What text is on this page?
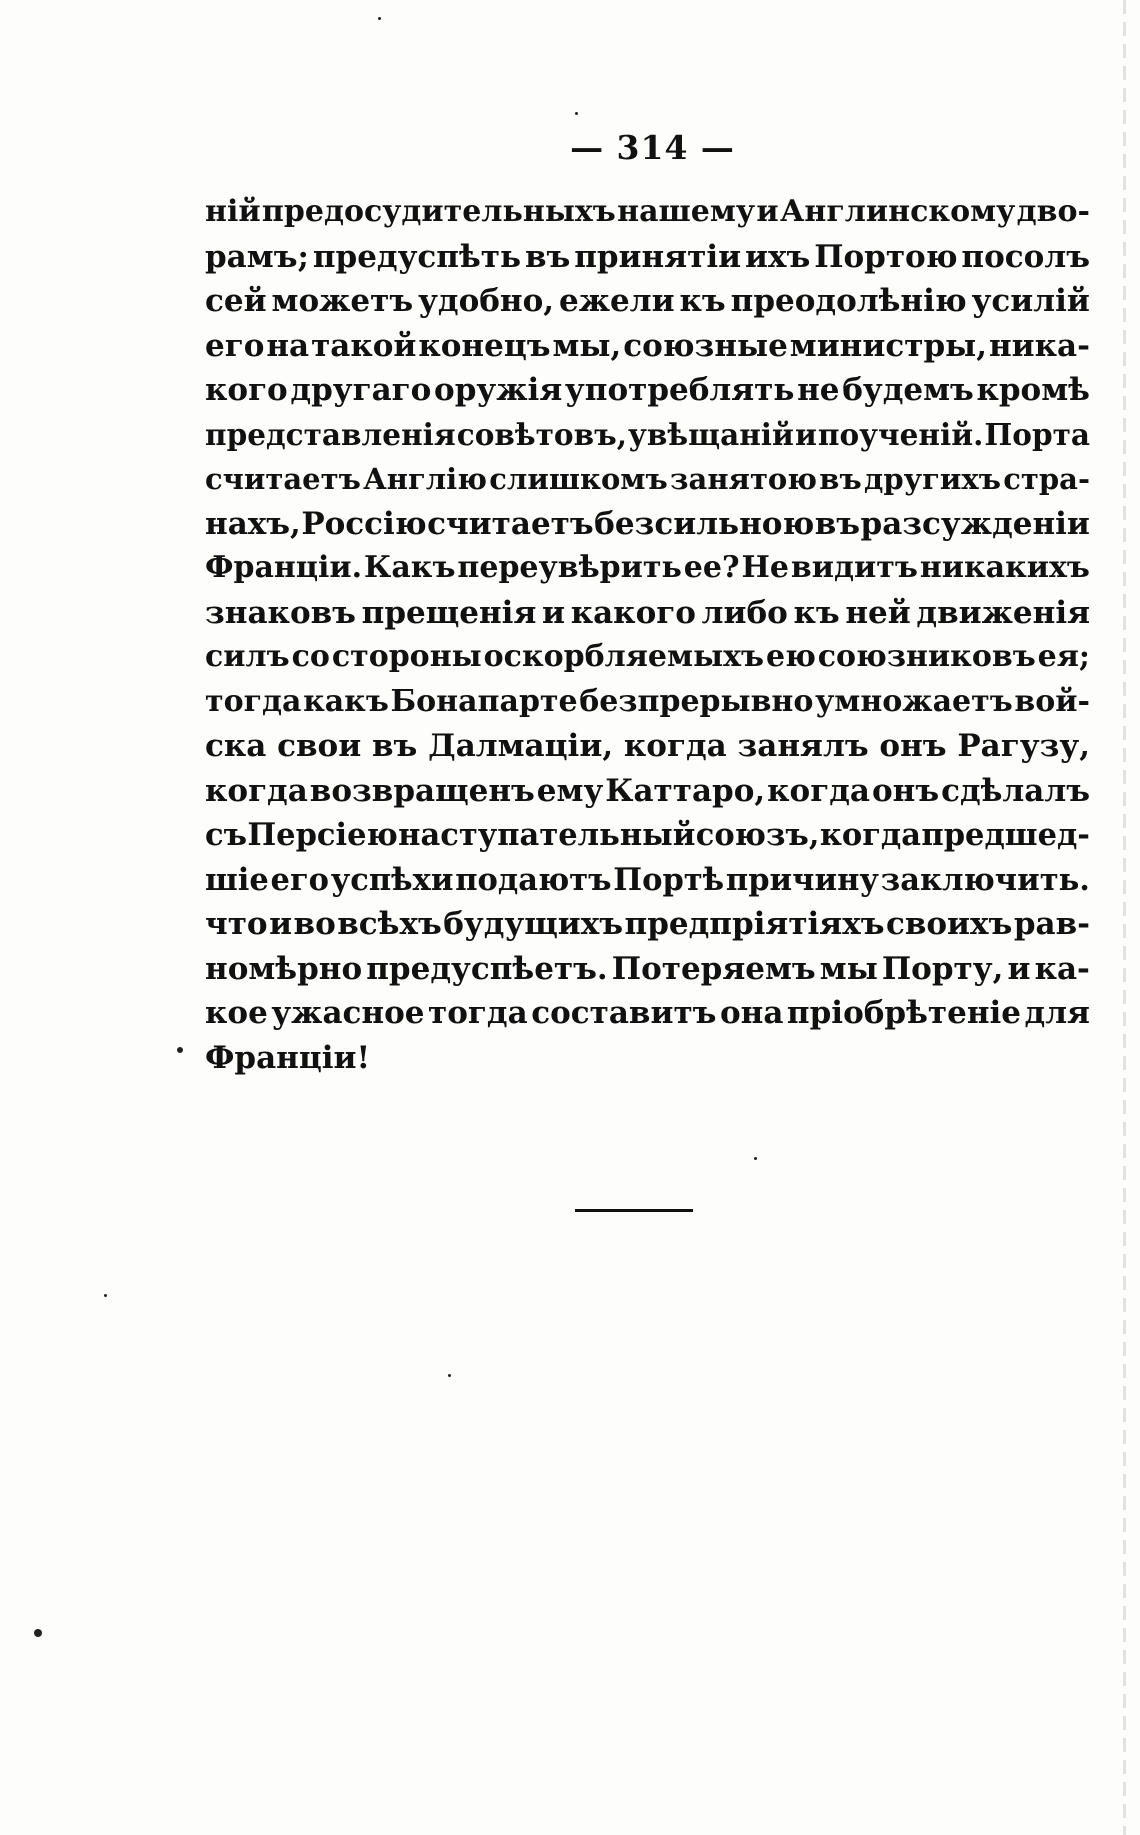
— 314 —
ній предосудительныхъ нашему и Англинскому дво-
рамъ; предуспѣть въ принятіи ихъ Портою посолъ
сей можетъ удобно, ежели къ преодолѣнію усилій
его на такой конецъ мы, союзные министры, ника-
кого другаго оружія употреблять не будемъ кромѣ
представленія совѣтовъ, увѣщаній и поученій. Порта
считаетъ Англію слишкомъ занятою въ другихъ стра-
нахъ, Россію считаетъ безсильною въ разсужденіи
Франціи. Какъ переувѣрить ее? Не видитъ никакихъ
знаковъ прещенія и какого либо къ ней движенія
силъ со стороны оскорбляемыхъ ею союзниковъ ея;
тогда какъ Бонапарте безпрерывно умножаетъ вой-
ска свои въ Далмаціи, когда занялъ онъ Рагузу,
когда возвращенъ ему Каттаро, когда онъ сдѣлалъ
съ Персіею наступательный союзъ, когда предшед-
шіе его успѣхи подаютъ Портѣ причину заключить.
что и во всѣхъ будущихъ предпріятіяхъ своихъ рав-
номѣрно предуспѣетъ. Потеряемъ мы Порту, и ка-
кое ужасное тогда составитъ она пріобрѣтеніе для
Франціи!
